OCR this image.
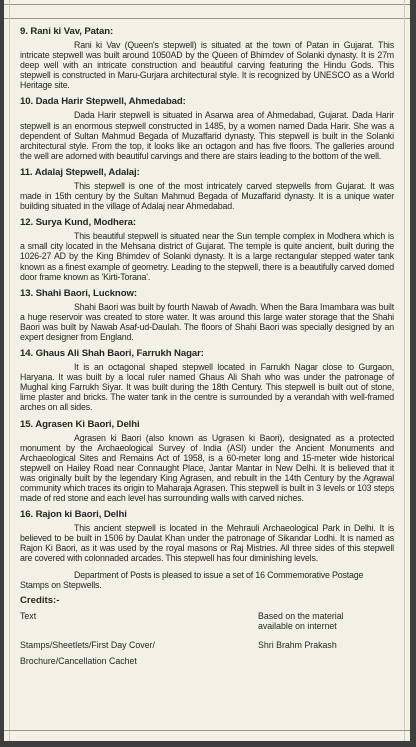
9. Rani ki Vav, Patan:

Rani ki Vav (Queen's stepwell) is situated at the town of Patan in Gujarat. This intricate stepwell was built around 1050AD by the Queen of Bhimdev of Solanki dynasty. It is 27m deep well with an intricate construction and beautiful carving featuring the Hindu Gods. This stepwell is constructed in Maru-Gurjara architectural style. It is recognized by UNESCO as a World Heritage site.

10. Dada Harir Stepwell, Ahmedabad:

Dada Harir stepwell is situated in Asarwa area of Ahmedabad, Gujarat. Dada Harir stepwell is an enormous stepwell constructed in 1485, by a women named Dada Harir. She was a dependent of Sultan Mahmud Begada of Muzaffarid dynasty. This stepwell is built in the Solanki architectural style. From the top, it looks like an octagon and has five floors. The galleries around the well are adorned with beautiful carvings and there are stairs leading to the bottom of the well.

11. Adalaj Stepwell, Adalaj:

This stepwell is one of the most intricately carved stepwells from Gujarat. It was made in 15th century by the Sultan Mahmud Begada of Muzaffarid dynasty. It is a unique water building situated in the village of Adalaj near Ahmedabad.

12. Surya Kund, Modhera:

This beautiful stepwell is situated near the Sun temple complex in Modhera which is a small city located in the Mehsana district of Gujarat. The temple is quite ancient, built during the 1026-27 AD by the King Bhimdev of Solanki dynasty. It is a large rectangular stepped water tank known as a finest example of geometry. Leading to the stepwell, there is a beautifully carved domed door frame known as 'Kirti-Torana'.

13. Shahi Baori, Lucknow:

Shahi Baori was built by fourth Nawab of Awadh. When the Bara Imambara was built a huge reservoir was created to store water. It was around this large water storage that the Shahi Baori was built by Nawab Asaf-ud-Daulah. The floors of Shahi Baori was specially designed by an expert designer from England.

14. Ghaus Ali Shah Baori, Farrukh Nagar:

It is an octagonal shaped stepwell located in Farrukh Nagar close to Gurgaon, Haryana. It was built by a local ruler named Ghaus Ali Shah who was under the patronage of Mughal king Farrukh Siyar. It was built during the 18th Century. This stepwell is built out of stone, lime plaster and bricks. The water tank in the centre is surrounded by a verandah with well-framed arches on all sides.

15. Agrasen Ki Baori, Delhi

Agrasen ki Baori (also known as Ugrasen ki Baori), designated as a protected monument by the Archaeological Survey of India (ASI) under the Ancient Monuments and Archaeological Sites and Remains Act of 1958, is a 60-meter long and 15-meter wide historical stepwell on Hailey Road near Connaught Place, Jantar Mantar in New Delhi. It is believed that it was originally built by the legendary King Agrasen, and rebuilt in the 14th Century by the Agrawal community which traces its origin to Maharaja Agrasen. This stepwell is built in 3 levels or 103 steps made of red stone and each level has surrounding walls with carved niches.

16. Rajon ki Baori, Delhi

This ancient stepwell is located in the Mehrauli Archaeological Park in Delhi. It is believed to be built in 1506 by Daulat Khan under the patronage of Sikandar Lodhi. It is named as Rajon Ki Baori, as it was used by the royal masons or Raj Mistries. All three sides of this stepwell are covered with colonnaded arcades. This stepwell has four diminishing levels.

Department of Posts is pleased to issue a set of 16 Commemorative Postage Stamps on Stepwells.

Credits:-
Text	Based on the material
available on internet
Stamps/Sheetlets/First Day Cover/	Shri Brahm Prakash
Brochure/Cancellation Cachet
